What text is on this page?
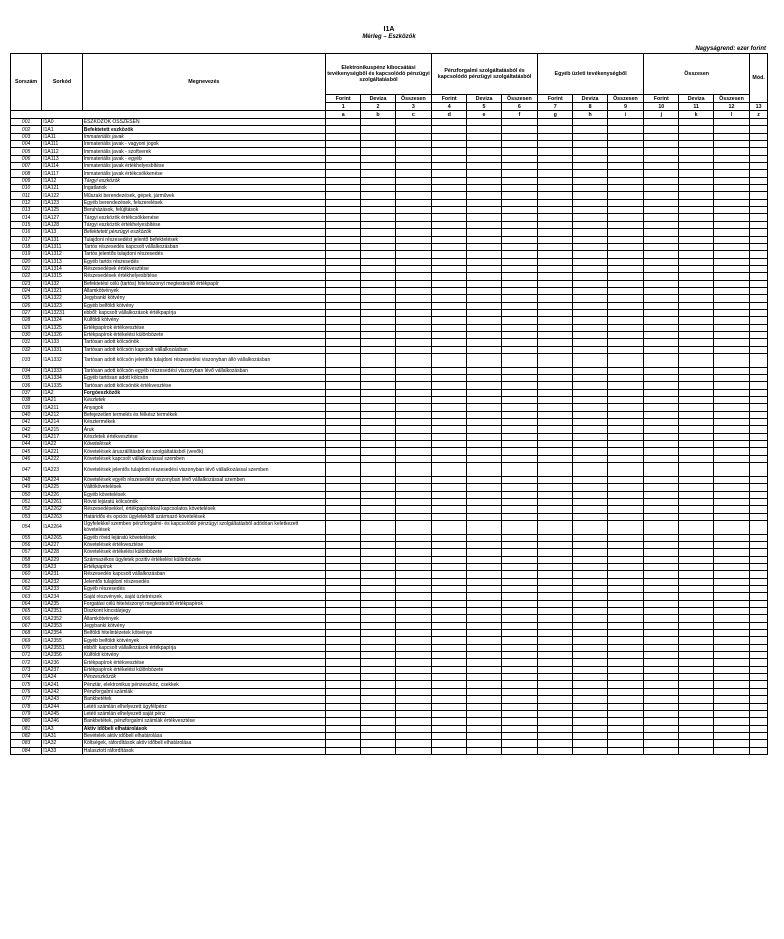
I1A
Mérleg – Eszközök
Nagyságrend: ezer forint
Sorszám	Sorkód	Megnevezés	Elektronikuspénz kibocsátási tevékenységből és kapcsolódó pénzügyi szolgáltatásból			Pénzforgalmi szolgáltatásból és kapcsolódó pénzügyi szolgáltatásból			Egyéb üzleti tevékenységből			Összesen			Mód.
			Forint	Deviza	Összesen	Forint	Deviza	Összesen	Forint	Deviza	Összesen	Forint	Deviza	Összesen	
			1	2	3	4	5	6	7	8	9	10	11	12	13
			a	b	c	d	e	f	g	h	i	j	k	l	z
001	I1A0	ESZKÖZÖK ÖSSZESEN													
002	I1A1	Befektetett eszközök													
003	I1A11	Immateriális javak													
004	I1A111	Immateriális javak - vagyoni jogok													
005	I1A112	Immateriális javak - szoftverek													
006	I1A113	Immateriális javak - egyéb													
007	I1A114	Immateriális javak értékhelyesbítése													
008	I1A117	Immateriális javak értékcsökkenése													
009	I1A12	Tárgyi eszközök													
010	I1A121	Ingatlanok													
011	I1A122	Műszaki berendezések, gépek, járművek													
012	I1A123	Egyéb berendezések, felszerelések													
013	I1A125	Beruházások, felújítások													
014	I1A127	Tárgyi eszközök értékcsökkenése													
015	I1A128	Tárgyi eszközök értékhelyesbítése													
016	I1A13	Befektetett pénzügyi eszközök													
017	I1A131	Tulajdoni részesedést jelentő befektetések													
018	I1A1311	Tartós részesedés kapcsolt vállalkozásban													
019	I1A1312	Tartós jelentős tulajdoni részesedés													
020	I1A1313	Egyéb tartós részesedés													
021	I1A1314	Részesedések értékvesztése													
022	I1A1315	Részesedések értékhelyesbítése													
023	I1A132	Befektetési célú (tartós) hitelviszonyt megtestesítő értékpapír													
024	I1A1321	Államkötvények													
025	I1A1322	Jegybanki kötvény													
026	I1A1323	Egyéb belföldi kötvény													
027	I1A13231	ebből: kapcsolt vállalkozások értékpapírja													
028	I1A1324	Külföldi kötvény													
029	I1A1325	Értékpapírok értékvesztése													
030	I1A1326	Értékpapírok értékelési különbözete													
031	I1A133	Tartósan adott kölcsönök													
032	I1A1331	Tartósan adott kölcsön kapcsolt vállalkozásban													
033	I1A1332	Tartósan adott kölcsön jelentős tulajdoni részesedési viszonyban álló vállalkozásban													
034	I1A1333	Tartósan adott kölcsön egyéb részesedési viszonyban lévő vállalkozásban													
035	I1A1334	Egyéb tartósan adott kölcsön													
036	I1A1335	Tartósan adott kölcsönök értékvesztése													
037	I1A2	Forgóeszközök													
038	I1A21	Készletek													
039	I1A211	Anyagok													
040	I1A212	Befejezetlen termelés és félkész termékek													
041	I1A214	Késztermékek													
042	I1A215	Áruk													
043	I1A217	Készletek értékvesztése													
044	I1A22	Követelések													
045	I1A221	Követelések áruszállításból és szolgáltatásból (vevők)													
046	I1A222	Követelések kapcsolt vállalkozással szemben													
047	I1A223	Követelések jelentős tulajdoni részesedési viszonyban lévő vállalkozással szemben													
048	I1A224	Követelések egyéb részesedési viszonyban lévő vállalkozással szemben													
049	I1A225	Váltókövetelések													
050	I1A226	Egyéb követelések													
051	I1A2261	Rövid lejáratú kölcsönök													
052	I1A2262	Részesedésekkel, értékpapírokkal kapcsolatos követelések													
053	I1A2263	Határidős és opciós ügyletekből származó követelések													
054	I1A2264	Ügyfelekkel szemben pénzforgalmi- és kapcsolódó pénzügyi szolgáltatásból adódóan keletkezett követelések													
055	I1A2265	Egyéb rövid lejáratú követelések													
056	I1A227	Követelések értékvesztése													
057	I1A228	Követelések értékelési különbözete													
058	I1A229	Származékos ügyletek pozitív értékelési különbözete													
059	I1A23	Értékpapírok													
060	I1A231	Részesedés kapcsolt vállalkozásban													
061	I1A232	Jelentős tulajdoni részesedés													
062	I1A233	Egyéb részesedés													
063	I1A234	Saját részvények, saját üzletrészek													
064	I1A235	Forgatási célú hitelviszonyt megtestesítő értékpapírok													
065	I1A2351	Diszkont kincstárjegy													
066	I1A2352	Államkötvények													
067	I1A2353	Jegybanki kötvény													
068	I1A2354	Belföldi hitelintézetek kötvénye													
069	I1A2355	Egyéb belföldi kötvények													
070	I1A23551	ebből: kapcsolt vállalkozások értékpapírja													
071	I1A2356	Külföldi kötvény													
072	I1A236	Értékpapírok értékvesztése													
073	I1A237	Értékpapírok értékelési különbözete													
074	I1A24	Pénzeszközök													
075	I1A241	Pénztár, elektronikus pénzeszköz, csekkek													
076	I1A242	Pénzforgalmi számlák													
077	I1A243	Bankbetétek													
078	I1A244	Letéti számlán elhelyezett ügyfélpénz													
079	I1A245	Letéti számlán elhelyezett saját pénz													
080	I1A246	Bankbetétek, pénzforgalmi számlák értékvesztése													
081	I1A3	Aktív időbeli elhatárolások													
082	I1A31	Bevételek aktív időbeli elhatárolása													
083	I1A32	Költségek, ráfordítások aktív időbeli elhatárolása													
084	I1A33	Halasztott ráfordítások													
